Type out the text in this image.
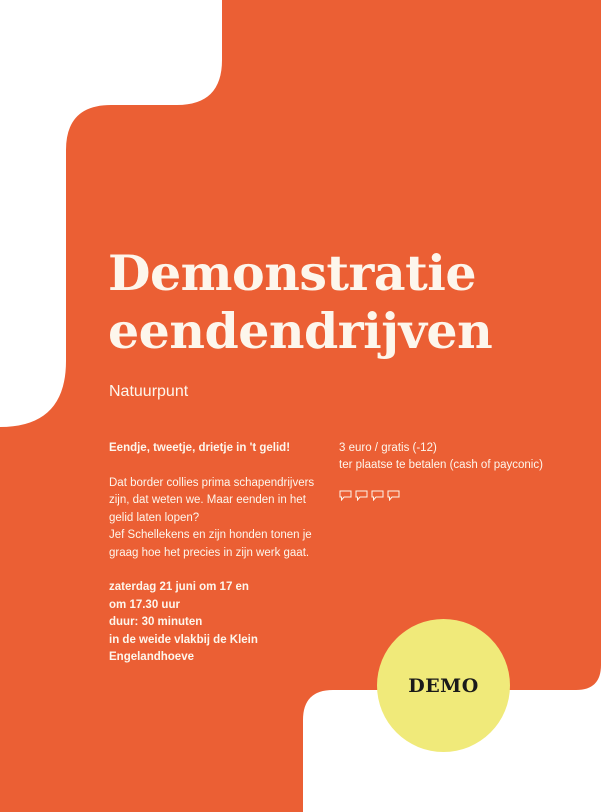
Demonstratie
eendendrijven
Natuurpunt

Eendje, tweetje, drietje in 't gelid!

Dat border collies prima schapendrijvers zijn, dat weten we. Maar eenden in het gelid laten lopen?

Jef Schellekens en zijn honden tonen je graag hoe het precies in zijn werk gaat.

zaterdag 21 juni om 17 en om 17.30 uur

duur: 30 minuten

in de weide vlakbij de Klein Engelandhoeve

3 euro / gratis (-12)

ter plaatse te betalen (cash of payconic)

DEMO
